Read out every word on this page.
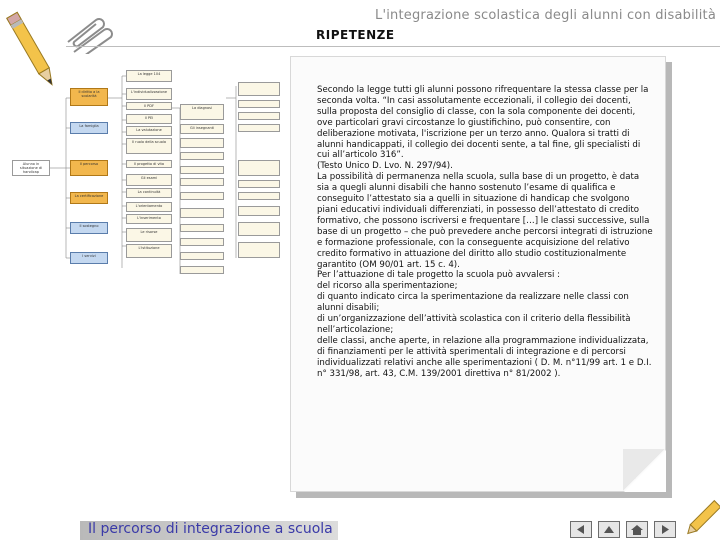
L'integrazione scolastica degli alunni con disabilità
RIPETENZE
Alunno in situazione di handicap
Il diritto a la scolarità
La famiglia
Il percorso
La certificazione
Il sostegno
I servizi
La legge 104
L'individualizzazione
Il PDF
Il PEI
La valutazione
Il ruolo della scuola
Il progetto di vita
Gli esami
La continuità
L'orientamento
L'inserimento
Le risorse
L'istituzione
La diagnosi
Gli insegnanti

Secondo la legge tutti gli alunni possono rifrequentare la stessa classe per la seconda volta. “In casi assolutamente eccezionali, il collegio dei docenti, sulla proposta del consiglio di classe, con la sola componente dei docenti, ove particolari gravi circostanze lo giustifichino, può consentire, con deliberazione motivata, l'iscrizione per un terzo anno. Qualora si tratti di alunni handicappati, il collegio dei docenti sente, a tal fine, gli specialisti di cui all’articolo 316”.

(Testo Unico D. Lvo. N. 297/94).

La possibilità di permanenza nella scuola, sulla base di un progetto, è data sia a quegli alunni disabili che hanno sostenuto l’esame di qualifica e conseguito l’attestato sia a quelli in situazione di handicap che svolgono piani educativi individuali differenziati, in possesso dell’attestato di credito formativo, che possono iscriversi e frequentare […] le classi successive, sulla base di un progetto – che può prevedere anche percorsi integrati di istruzione e formazione professionale, con la conseguente acquisizione del relativo credito formativo in attuazione del diritto allo studio costituzionalmente garantito (OM 90/01 art. 15 c. 4).

Per l’attuazione di tale progetto la scuola può avvalersi :

del ricorso alla sperimentazione;

di quanto indicato circa la sperimentazione da realizzare nelle classi con alunni disabili;

di un’organizzazione dell’attività scolastica con il criterio della flessibilità nell’articolazione;

delle classi, anche aperte, in relazione alla programmazione individualizzata, di finanziamenti per le attività sperimentali di integrazione e di percorsi individualizzati relativi anche alle sperimentazioni ( D. M. n°11/99 art. 1 e D.I. n° 331/98, art. 43, C.M. 139/2001 direttiva n° 81/2002 ).

Il percorso di integrazione a scuola
